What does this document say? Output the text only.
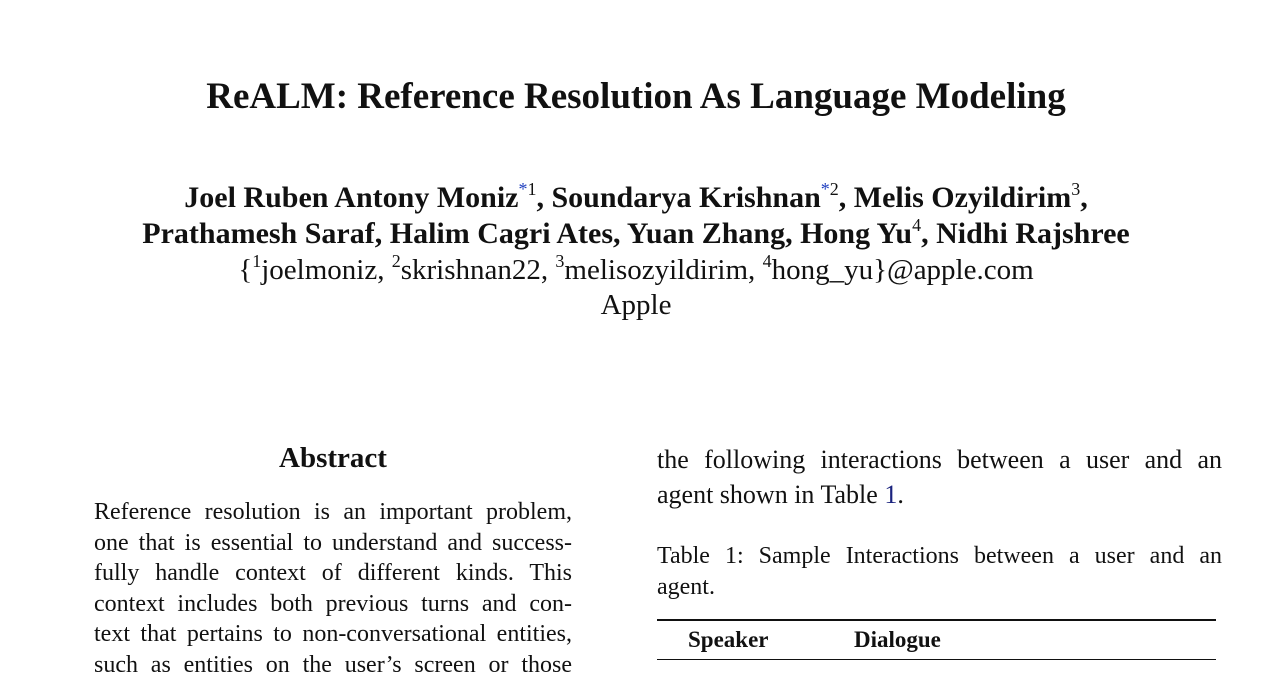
ReALM: Reference Resolution As Language Modeling
Joel Ruben Antony Moniz$^{*1}$, Soundarya Krishnan$^{*2}$, Melis Ozyildirim$^3$,
Prathamesh Saraf, Halim Cagri Ates, Yuan Zhang, Hong Yu$^4$, Nidhi Rajshree
{$^1$joelmoniz, $^2$skrishnan22, $^3$melisozyildirim, $^4$hong_yu}@apple.com
Apple
Abstract
Reference resolution is an important problem,
one that is essential to understand and success-
fully handle context of different kinds. This
context includes both previous turns and con-
text that pertains to non-conversational entities,
such as entities on the user’s screen or those
the following interactions between a user and an
agent shown in Table 1.
Table 1: Sample Interactions between a user and an
agent.
Speaker	Dialogue
